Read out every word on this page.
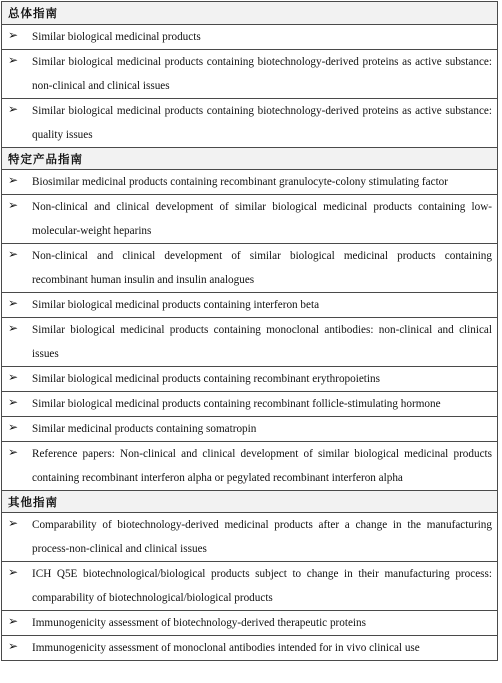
总体指南
➢	Similar biological medicinal products
➢	Similar biological medicinal products containing biotechnology-derived proteins as active substance: non-clinical and clinical issues
➢	Similar biological medicinal products containing biotechnology-derived proteins as active substance: quality issues
特定产品指南
➢	Biosimilar medicinal products containing recombinant granulocyte-colony stimulating factor
➢	Non-clinical and clinical development of similar biological medicinal products containing low-molecular-weight heparins
➢	Non-clinical and clinical development of similar biological medicinal products containing recombinant human insulin and insulin analogues
➢	Similar biological medicinal products containing interferon beta
➢	Similar biological medicinal products containing monoclonal antibodies: non-clinical and clinical issues
➢	Similar biological medicinal products containing recombinant erythropoietins
➢	Similar biological medicinal products containing recombinant follicle-stimulating hormone
➢	Similar medicinal products containing somatropin
➢	Reference papers: Non-clinical and clinical development of similar biological medicinal products containing recombinant interferon alpha or pegylated recombinant interferon alpha
其他指南
➢	Comparability of biotechnology-derived medicinal products after a change in the manufacturing process-non-clinical and clinical issues
➢	ICH Q5E biotechnological/biological products subject to change in their manufacturing process: comparability of biotechnological/biological products
➢	Immunogenicity assessment of biotechnology-derived therapeutic proteins
➢	Immunogenicity assessment of monoclonal antibodies intended for in vivo clinical use
